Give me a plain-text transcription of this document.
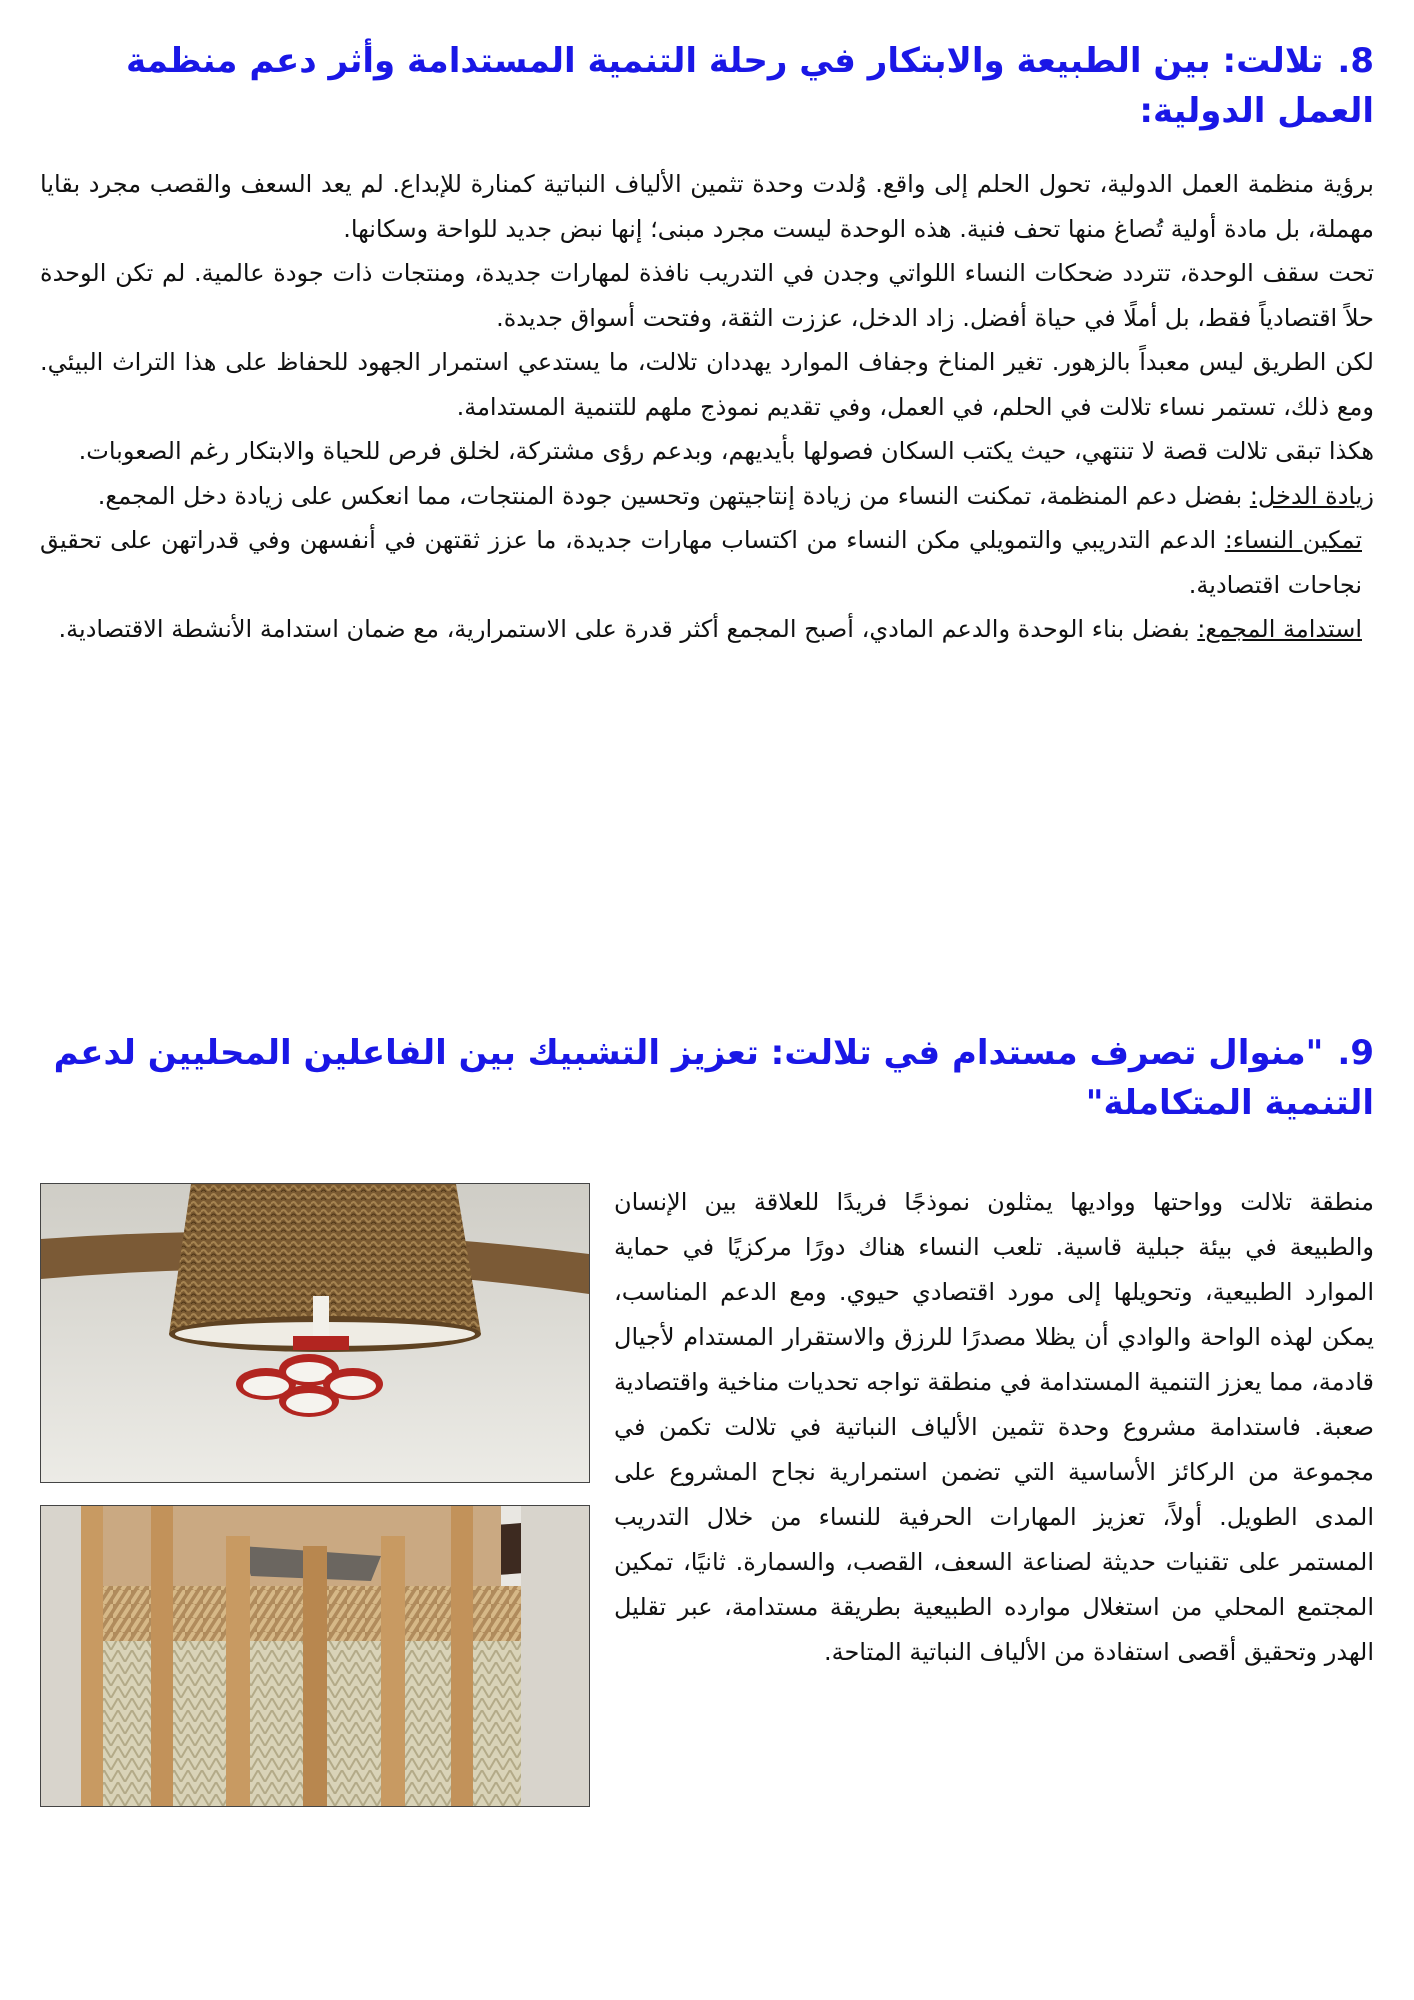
8.تلالت: بين الطبيعة والابتكار في رحلة التنمية المستدامة وأثر دعم منظمة العمل الدولية:

برؤية منظمة العمل الدولية، تحول الحلم إلى واقع. وُلدت وحدة تثمين الألياف النباتية كمنارة للإبداع. لم يعد السعف والقصب مجرد بقايا مهملة، بل مادة أولية تُصاغ منها تحف فنية. هذه الوحدة ليست مجرد مبنى؛ إنها نبض جديد للواحة وسكانها.

تحت سقف الوحدة، تتردد ضحكات النساء اللواتي وجدن في التدريب نافذة لمهارات جديدة، ومنتجات ذات جودة عالمية. لم تكن الوحدة حلاً اقتصادياً فقط، بل أملًا في حياة أفضل. زاد الدخل، عززت الثقة، وفتحت أسواق جديدة.

لكن الطريق ليس معبداً بالزهور. تغير المناخ وجفاف الموارد يهددان تلالت، ما يستدعي استمرار الجهود للحفاظ على هذا التراث البيئي. ومع ذلك، تستمر نساء تلالت في الحلم، في العمل، وفي تقديم نموذج ملهم للتنمية المستدامة.

هكذا تبقى تلالت قصة لا تنتهي، حيث يكتب السكان فصولها بأيديهم، وبدعم رؤى مشتركة، لخلق فرص للحياة والابتكار رغم الصعوبات.

زيادة الدخل: بفضل دعم المنظمة، تمكنت النساء من زيادة إنتاجيتهن وتحسين جودة المنتجات، مما انعكس على زيادة دخل المجمع.

تمكين النساء: الدعم التدريبي والتمويلي مكن النساء من اكتساب مهارات جديدة، ما عزز ثقتهن في أنفسهن وفي قدراتهن على تحقيق نجاحات اقتصادية.

استدامة المجمع: بفضل بناء الوحدة والدعم المادي، أصبح المجمع أكثر قدرة على الاستمرارية، مع ضمان استدامة الأنشطة الاقتصادية.

9."منوال تصرف مستدام في تلالت: تعزيز التشبيك بين الفاعلين المحليين لدعم التنمية المتكاملة"

منطقة تلالت وواحتها وواديها يمثلون نموذجًا فريدًا للعلاقة بين الإنسان والطبيعة في بيئة جبلية قاسية. تلعب النساء هناك دورًا مركزيًا في حماية الموارد الطبيعية، وتحويلها إلى مورد اقتصادي حيوي. ومع الدعم المناسب، يمكن لهذه الواحة والوادي أن يظلا مصدرًا للرزق والاستقرار المستدام لأجيال قادمة، مما يعزز التنمية المستدامة في منطقة تواجه تحديات مناخية واقتصادية صعبة. فاستدامة مشروع وحدة تثمين الألياف النباتية في تلالت تكمن في مجموعة من الركائز الأساسية التي تضمن استمرارية نجاح المشروع على المدى الطويل. أولاً، تعزيز المهارات الحرفية للنساء من خلال التدريب المستمر على تقنيات حديثة لصناعة السعف، القصب، والسمارة. ثانيًا، تمكين المجتمع المحلي من استغلال موارده الطبيعية بطريقة مستدامة، عبر تقليل الهدر وتحقيق أقصى استفادة من الألياف النباتية المتاحة.
